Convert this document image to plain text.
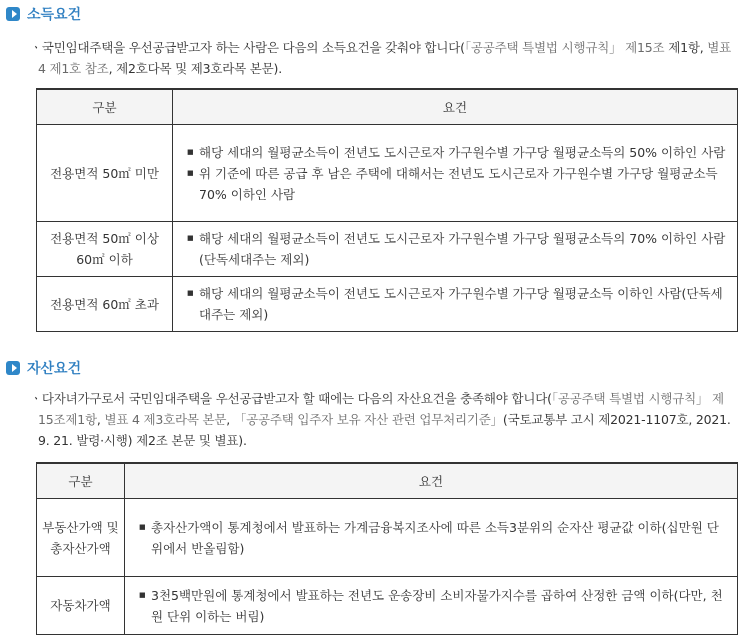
소득요건
ㆍ국민임대주택을 우선공급받고자 하는 사람은 다음의 소득요건을 갖춰야 합니다(「공공주택 특별법 시행규칙」 제15조 제1항, 별표 4 제1호 참조, 제2호다목 및 제3호라목 본문).
구분	요건
전용면적 50㎡ 미만	■ 해당 세대의 월평균소득이 전년도 도시근로자 가구원수별 가구당 월평균소득의 50% 이하인 사람
■ 위 기준에 따른 공급 후 남은 주택에 대해서는 전년도 도시근로자 가구원수별 가구당 월평균소득 70% 이하인 사람

전용면적 50㎡ 이상 60㎡ 이하	■ 해당 세대의 월평균소득이 전년도 도시근로자 가구원수별 가구당 월평균소득의 70% 이하인 사람(단독세대주는 제외)

전용면적 60㎡ 초과	■ 해당 세대의 월평균소득이 전년도 도시근로자 가구원수별 가구당 월평균소득 이하인 사람(단독세대주는 제외)
자산요건
ㆍ다자녀가구로서 국민임대주택을 우선공급받고자 할 때에는 다음의 자산요건을 충족해야 합니다(「공공주택 특별법 시행규칙」 제15조제1항, 별표 4 제3호라목 본문, 「공공주택 입주자 보유 자산 관련 업무처리기준」(국토교통부 고시 제2021-1107호, 2021. 9. 21. 발령·시행) 제2조 본문 및 별표).
구분	요건
부동산가액 및 총자산가액	■ 총자산가액이 통계청에서 발표하는 가계금융복지조사에 따른 소득3분위의 순자산 평균값 이하(십만원 단위에서 반올림함)

자동차가액	■ 3천5백만원에 통계청에서 발표하는 전년도 운송장비 소비자물가지수를 곱하여 산정한 금액 이하(다만, 천원 단위 이하는 버림)
